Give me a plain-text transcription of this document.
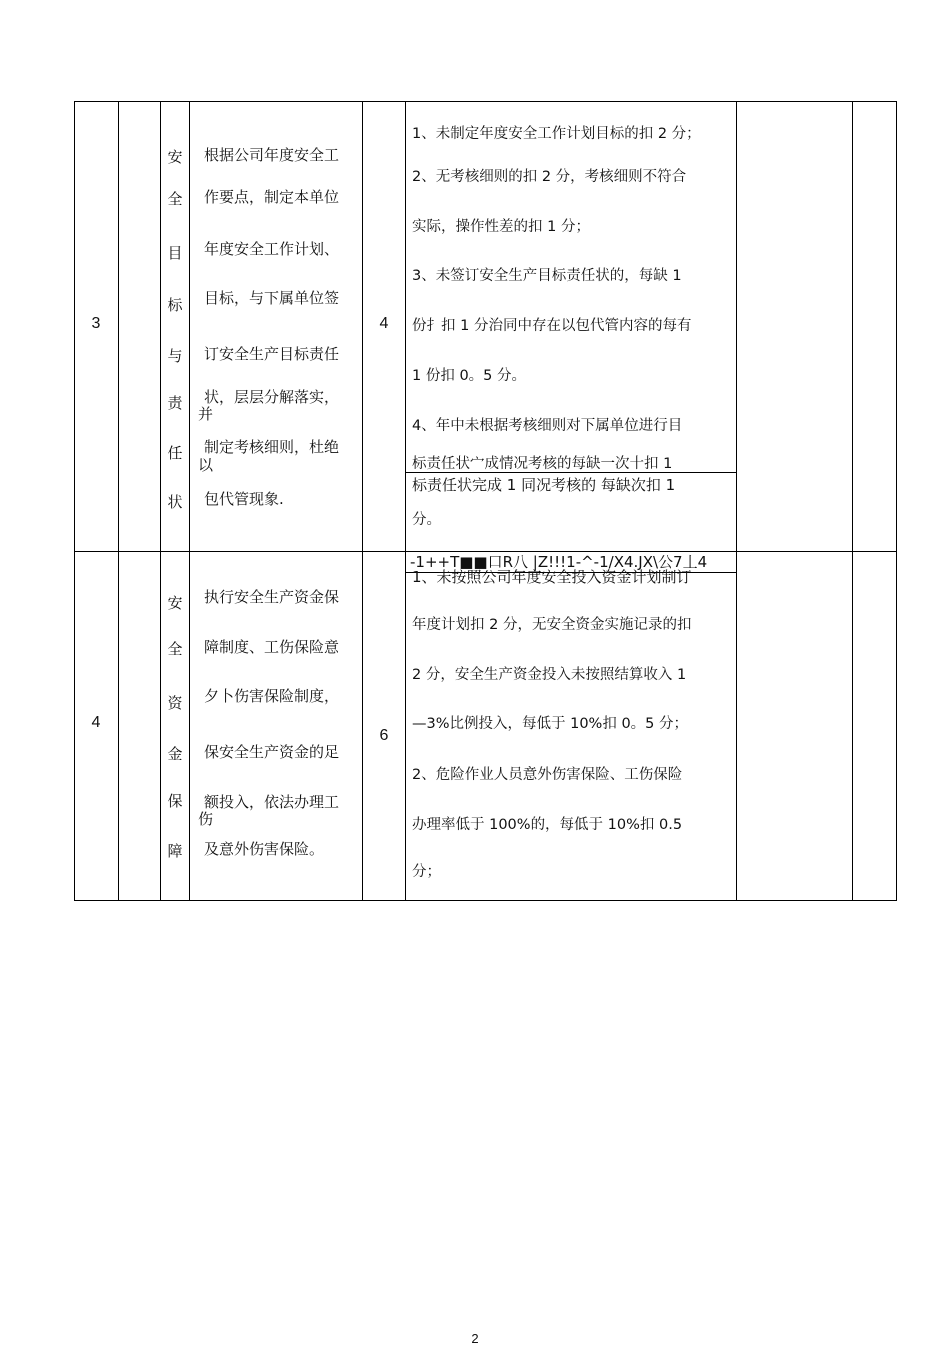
3
安
全
目
标
与
责
任
状
根据公司年度安全工
作要点，制定本单位
年度安全工作计划、
目标，与下属单位签
订安全生产目标责任
状，层层分解落实，
并
制定考核细则，杜绝
以
包代管现象.
4
1、未制定年度安全工作计划目标的扣 2 分；
2、无考核细则的扣 2 分，考核细则不符合
实际，操作性差的扣 1 分；
3、未签订安全生产目标责任状的，每缺 1
份扌扣 1 分治同中存在以包代管内容的每有
1 份扣 0。5 分。
4、年中未根据考核细则对下属单位进行目
标责任状宀成情况考核的每缺一次十扣 1
标责任状完成 1 同况考核的 每缺次扣 1
分。
4
安
全
资
金
保
障
执行安全生产资金保
障制度、工伤保险意
夕卜伤害保险制度，
保安全生产资金的足
额投入，依法办理工
伤
及意外伤害保险。
6
-1++T■■口R八 |Z!!!1-^-1/X4.JX\公7丄4
1、未按照公司年度安全投入资金计划制订
年度计划扣 2 分，无安全资金实施记录的扣
2 分，安全生产资金投入未按照结算收入 1
—3%比例投入，每低于 10%扣 0。5 分；
2、危险作业人员意外伤害保险、工伤保险
办理率低于 100%的，每低于 10%扣 0.5
分；
2
